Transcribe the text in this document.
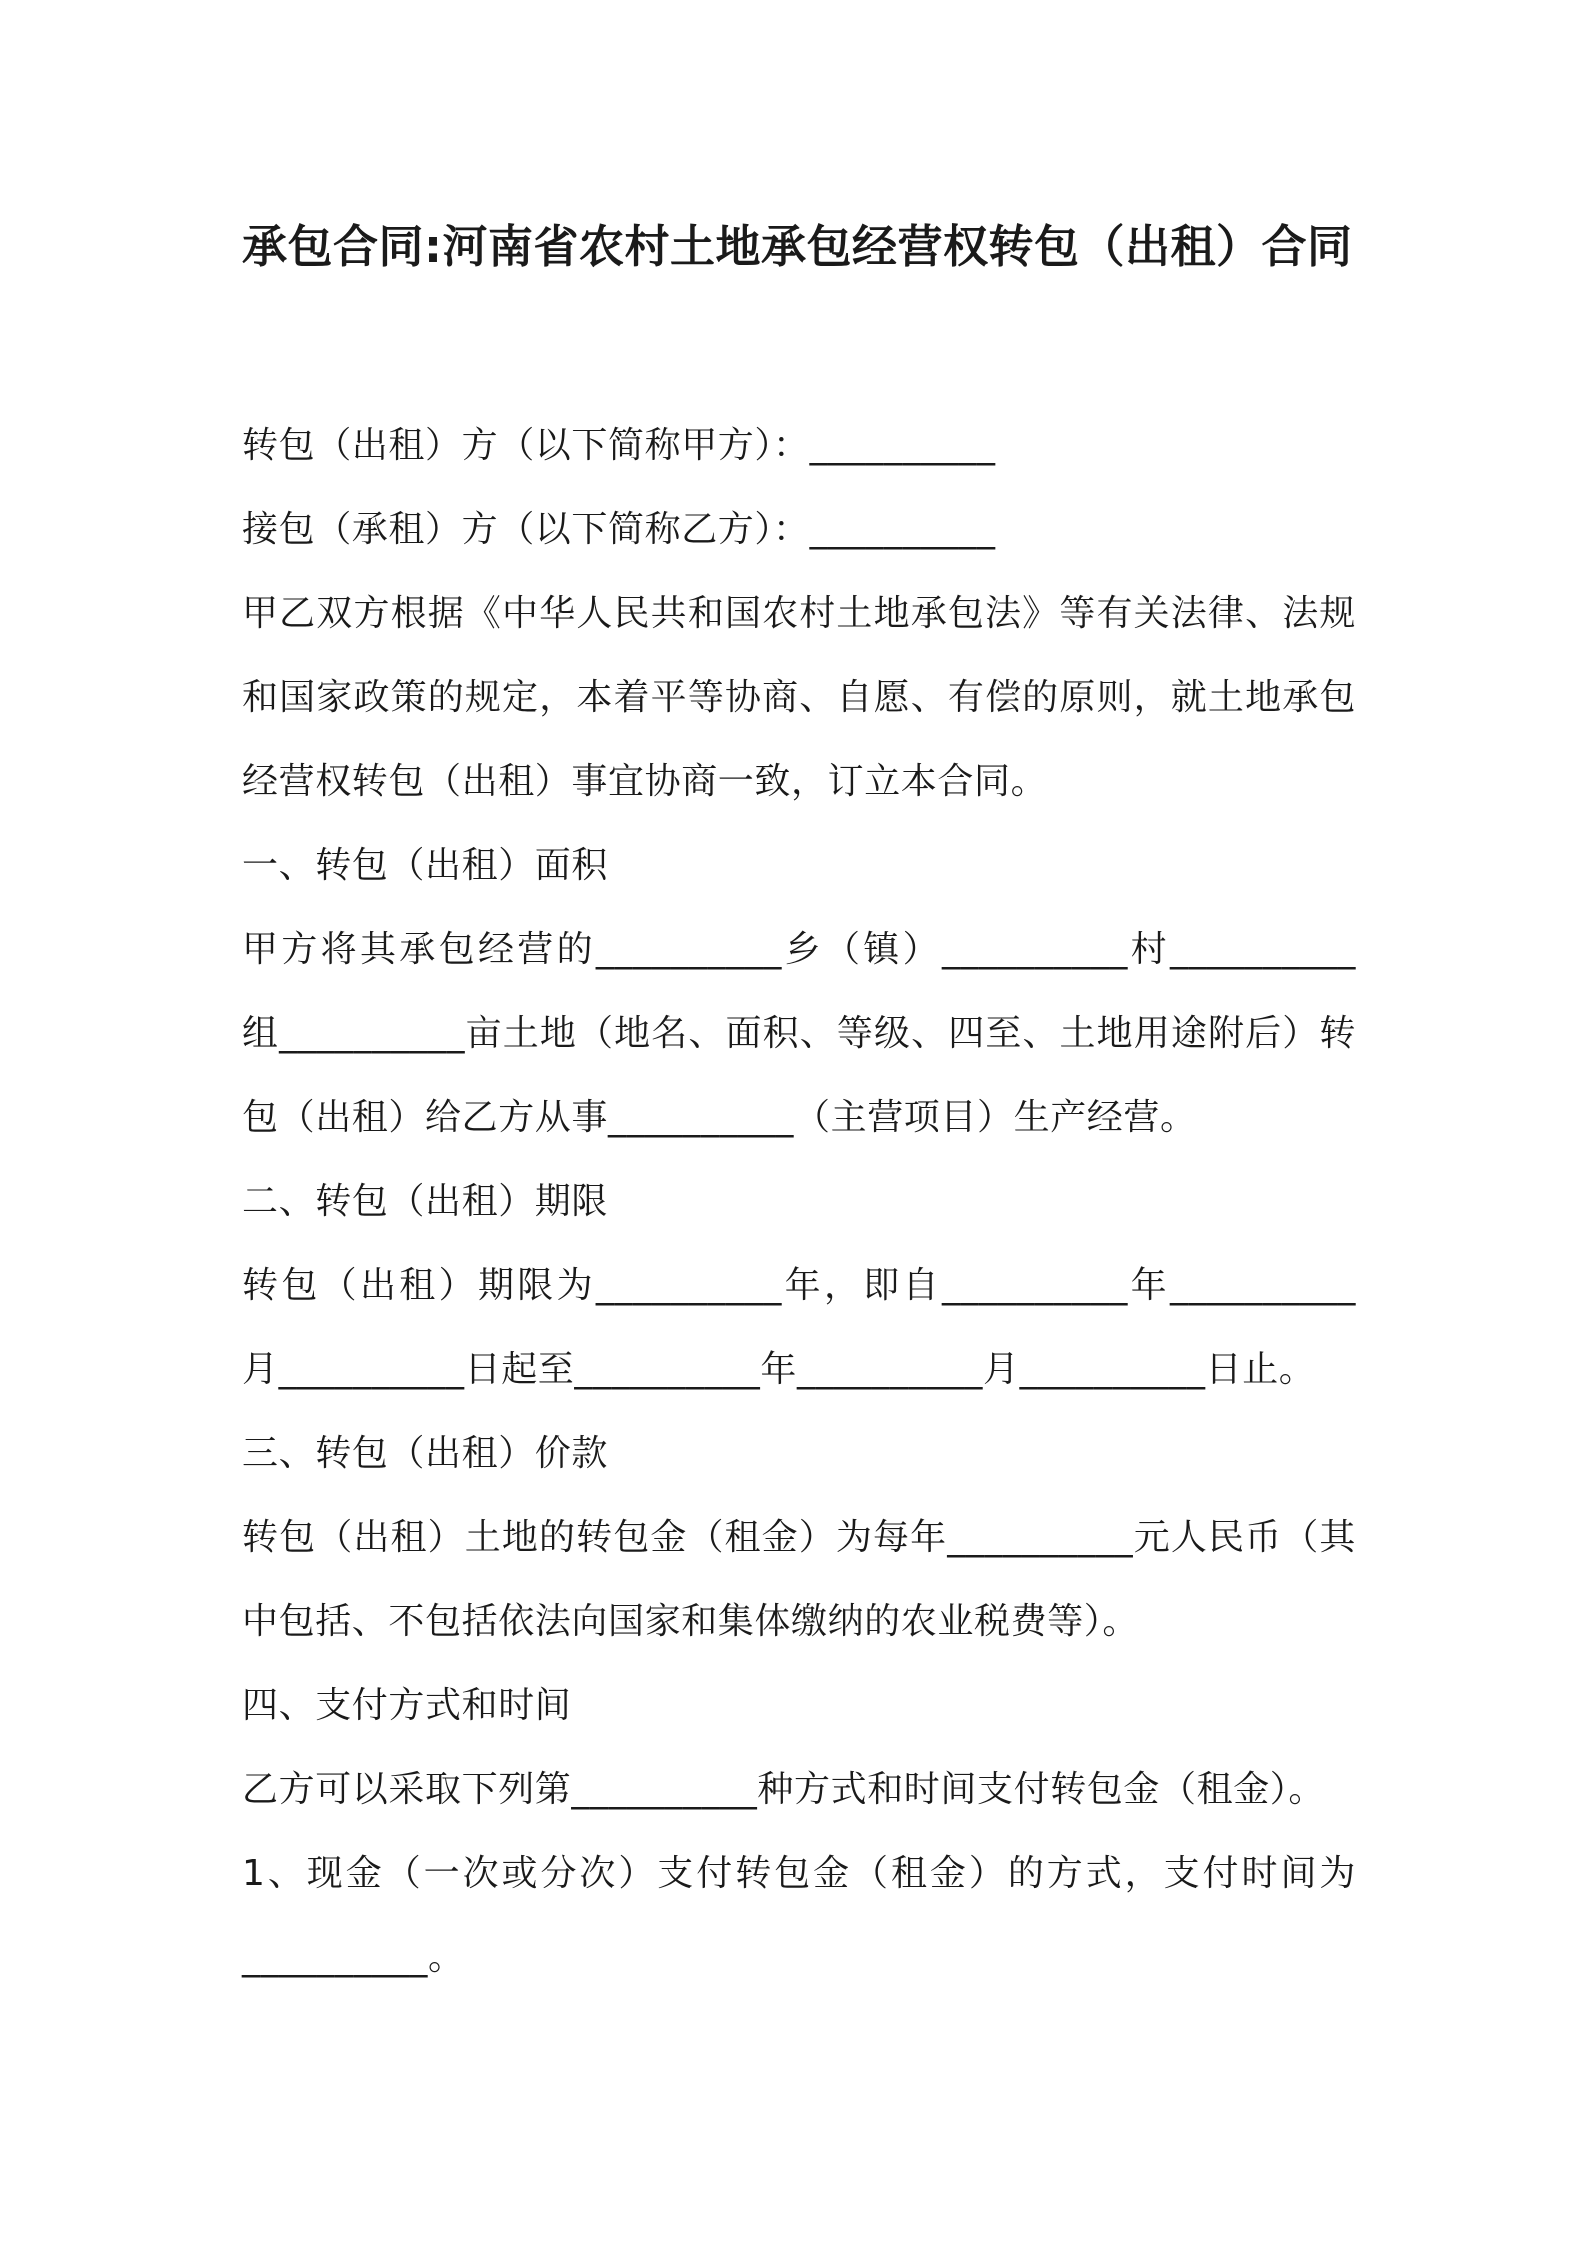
承包合同:河南省农村土地承包经营权转包（出租）合同

转包（出租）方（以下简称甲方）：__________

接包（承租）方（以下简称乙方）：__________

甲乙双方根据《中华人民共和国农村土地承包法》等有关法律、法规

和国家政策的规定，本着平等协商、自愿、有偿的原则，就土地承包

经营权转包（出租）事宜协商一致，订立本合同。

一、转包（出租）面积

甲方将其承包经营的__________乡（镇）__________村__________

组__________亩土地（地名、面积、等级、四至、土地用途附后）转

包（出租）给乙方从事__________（主营项目）生产经营。

二、转包（出租）期限

转包（出租）期限为__________年，即自__________年__________

月__________日起至__________年__________月__________日止。

三、转包（出租）价款

转包（出租）土地的转包金（租金）为每年__________元人民币（其

中包括、不包括依法向国家和集体缴纳的农业税费等）。

四、支付方式和时间

乙方可以采取下列第__________种方式和时间支付转包金（租金）。

1、现金（一次或分次）支付转包金（租金）的方式，支付时间为

__________。
